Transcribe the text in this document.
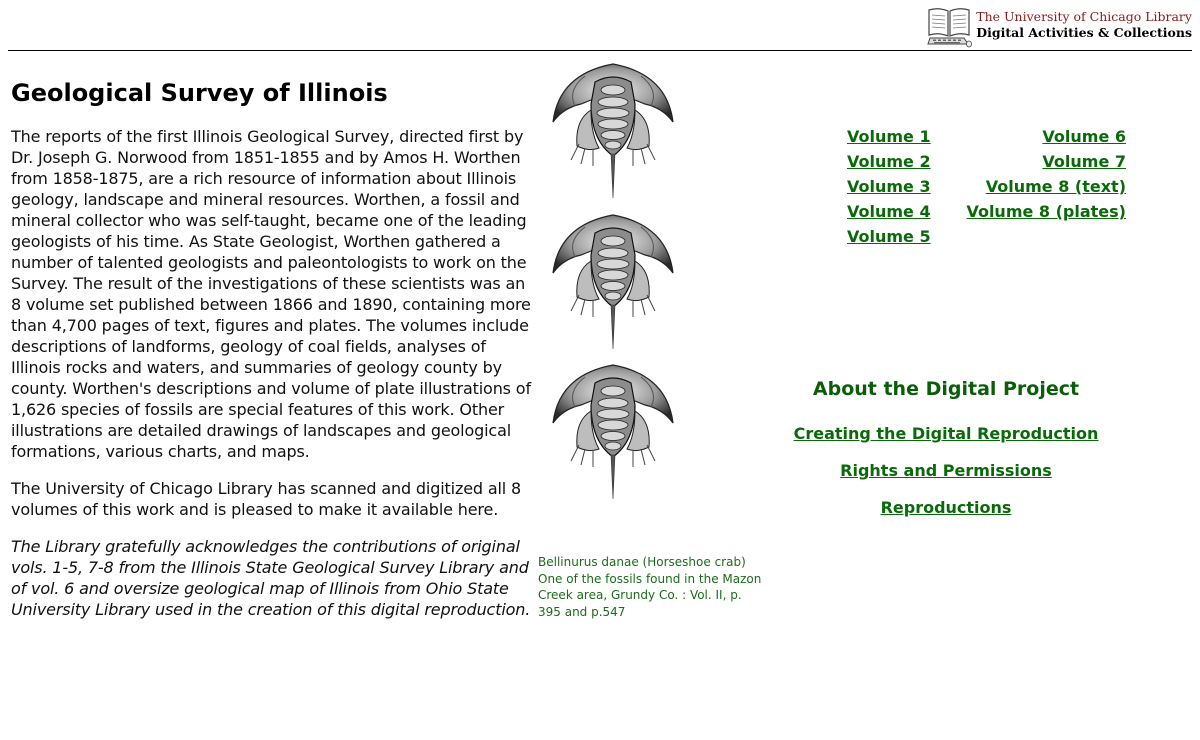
The University of Chicago Library
Digital Activities & Collections
Geological Survey of Illinois

The reports of the first Illinois Geological Survey, directed first by Dr. Joseph G. Norwood from 1851-1855 and by Amos H. Worthen from 1858-1875, are a rich resource of information about Illinois geology, landscape and mineral resources. Worthen, a fossil and mineral collector who was self-taught, became one of the leading geologists of his time. As State Geologist, Worthen gathered a number of talented geologists and paleontologists to work on the Survey. The result of the investigations of these scientists was an 8 volume set published between 1866 and 1890, containing more than 4,700 pages of text, figures and plates. The volumes include descriptions of landforms, geology of coal fields, analyses of Illinois rocks and waters, and summaries of geology county by county. Worthen's descriptions and volume of plate illustrations of 1,626 species of fossils are special features of this work. Other illustrations are detailed drawings of landscapes and geological formations, various charts, and maps.

The University of Chicago Library has scanned and digitized all 8 volumes of this work and is pleased to make it available here.

The Library gratefully acknowledges the contributions of original vols. 1-5, 7-8 from the Illinois State Geological Survey Library and of vol. 6 and oversize geological map of Illinois from Ohio State University Library used in the creation of this digital reproduction.

Bellinurus danae (Horseshoe crab)
One of the fossils found in the Mazon Creek area, Grundy Co. : Vol. II, p. 395 and p.547
Volume 1
Volume 2
Volume 3
Volume 4
Volume 5
Volume 6
Volume 7
Volume 8 (text)
Volume 8 (plates)
About the Digital Project
Creating the Digital Reproduction
Rights and Permissions
Reproductions
